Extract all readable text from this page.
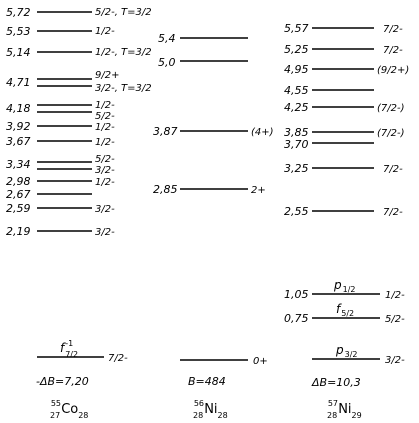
5,72
5,53
5,14
4,71
4,18
3,92
3,67
3,34
2,98
2,67
2,59
2,19
5/2-, T=3/2
1/2-
1/2-, T=3/2
9/2+
3/2-, T=3/2
1/2-
5/2-
1/2-
1/2-
5/2-
3/2-
1/2-
3/2-
3/2-
$f^{-1}$ 7/2	7/2-
-ΔB=7,20
$^{55}$ $27Co_{28}$
5,4
5,0
3,87
2,85
(4+)
2+
0+
B=484
$^{56}$ $28Ni_{28}$
5,57
5,25
4,95
4,55
4,25
3,85
3,70
3,25
2,55
1,05
0,75
7/2-
7/2-
(9/2+)
(7/2-)
(7/2-)
7/2-
7/2-
1/2-
5/2-
$p_{1/2}$
$f_{5/2}$
$p_{3/2}$
3/2-
ΔB=10,3
$^{57}$ $28Ni_{29}$
